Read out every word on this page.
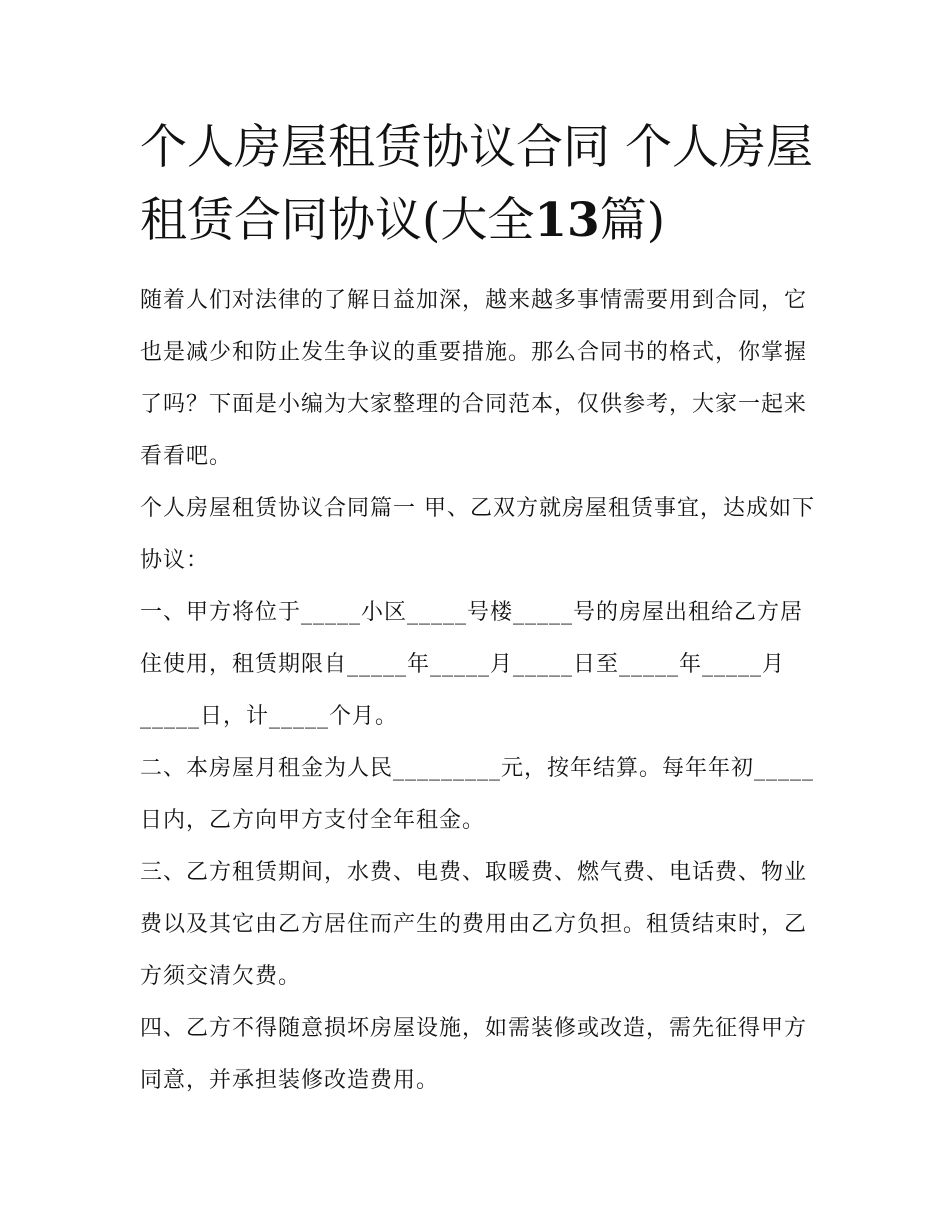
个人房屋租赁协议合同 个人房屋租赁合同协议(大全13篇)

随着人们对法律的了解日益加深，越来越多事情需要用到合同，它也是减少和防止发生争议的重要措施。那么合同书的格式，你掌握了吗？下面是小编为大家整理的合同范本，仅供参考，大家一起来看看吧。

个人房屋租赁协议合同篇一 甲、乙双方就房屋租赁事宜，达成如下协议：

一、甲方将位于_____小区_____号楼_____号的房屋出租给乙方居住使用，租赁期限自_____年_____月_____日至_____年_____月_____日，计_____个月。

二、本房屋月租金为人民_________元，按年结算。每年年初_____日内，乙方向甲方支付全年租金。

三、乙方租赁期间，水费、电费、取暖费、燃气费、电话费、物业费以及其它由乙方居住而产生的费用由乙方负担。租赁结束时，乙方须交清欠费。

四、乙方不得随意损坏房屋设施，如需装修或改造，需先征得甲方同意，并承担装修改造费用。
